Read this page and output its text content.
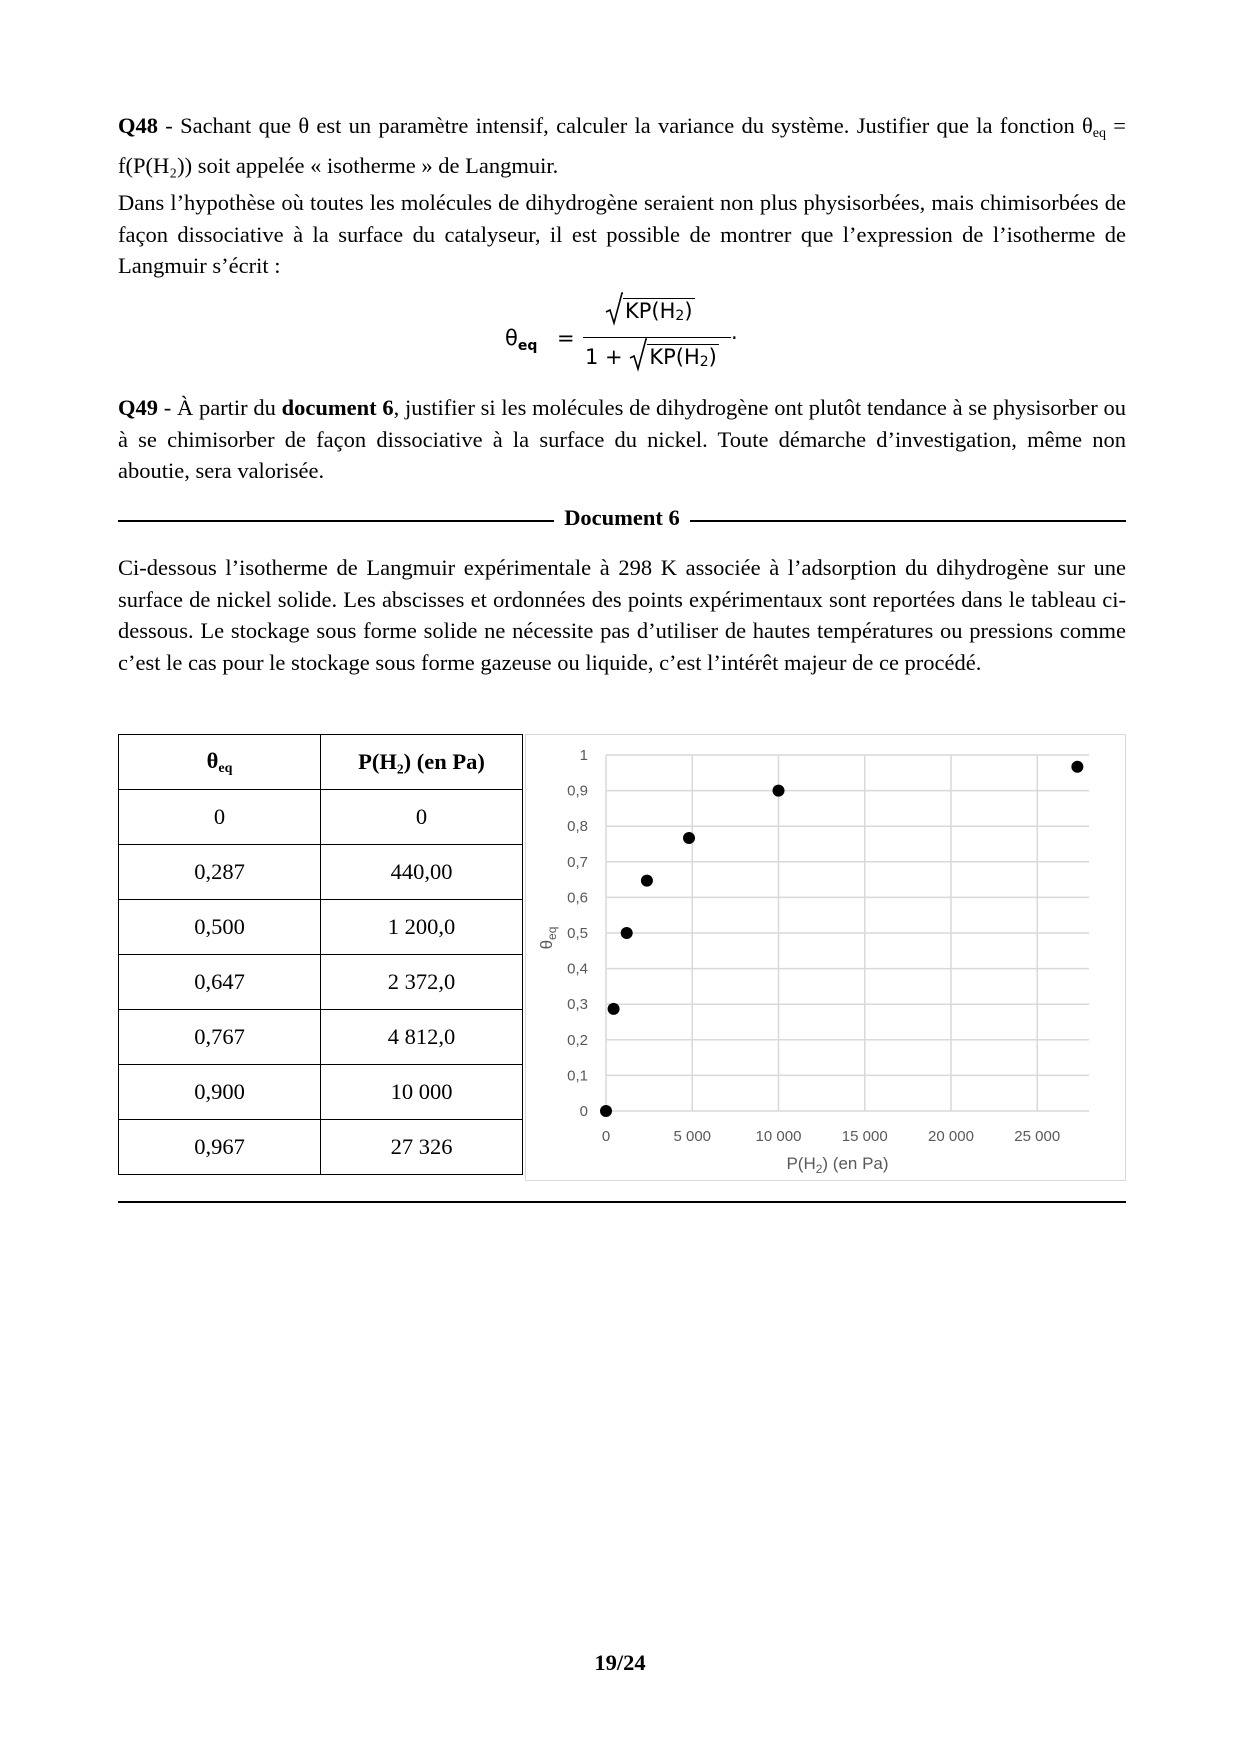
Q48 - Sachant que θ est un paramètre intensif, calculer la variance du système. Justifier que la fonction $\theta_{eq} = f(P(H_2))$ soit appelée « isotherme » de Langmuir.
Dans l’hypothèse où toutes les molécules de dihydrogène seraient non plus physisorbées, mais chimisorbées de façon dissociative à la surface du catalyseur, il est possible de montrer que l’expression de l’isotherme de Langmuir s’écrit :
$\theta_{eq}$ =
KP(H2)
1 + KP(H2)
.
Q49 - À partir du document 6, justifier si les molécules de dihydrogène ont plutôt tendance à se physisorber ou à se chimisorber de façon dissociative à la surface du nickel. Toute démarche d’investigation, même non aboutie, sera valorisée.
Document 6
Ci-dessous l’isotherme de Langmuir expérimentale à 298 K associée à l’adsorption du dihydrogène sur une surface de nickel solide. Les abscisses et ordonnées des points expérimentaux sont reportées dans le tableau ci-dessous. Le stockage sous forme solide ne nécessite pas d’utiliser de hautes températures ou pressions comme c’est le cas pour le stockage sous forme gazeuse ou liquide, c’est l’intérêt majeur de ce procédé.
$\theta_{eq}$	P(H₂) (en Pa)
0	0
0,287	440,00
0,500	1 200,0
0,647	2 372,0
0,767	4 812,0
0,900	10 000
0,967	27 326
0
0,1
0,2
0,3
0,4
0,5
0,6
0,7
0,8
0,9
1
0	5 000	10 000	15 000	20 000	25 000
$P(H_2)$ (en Pa)
$\theta_{eq}$
19/24
